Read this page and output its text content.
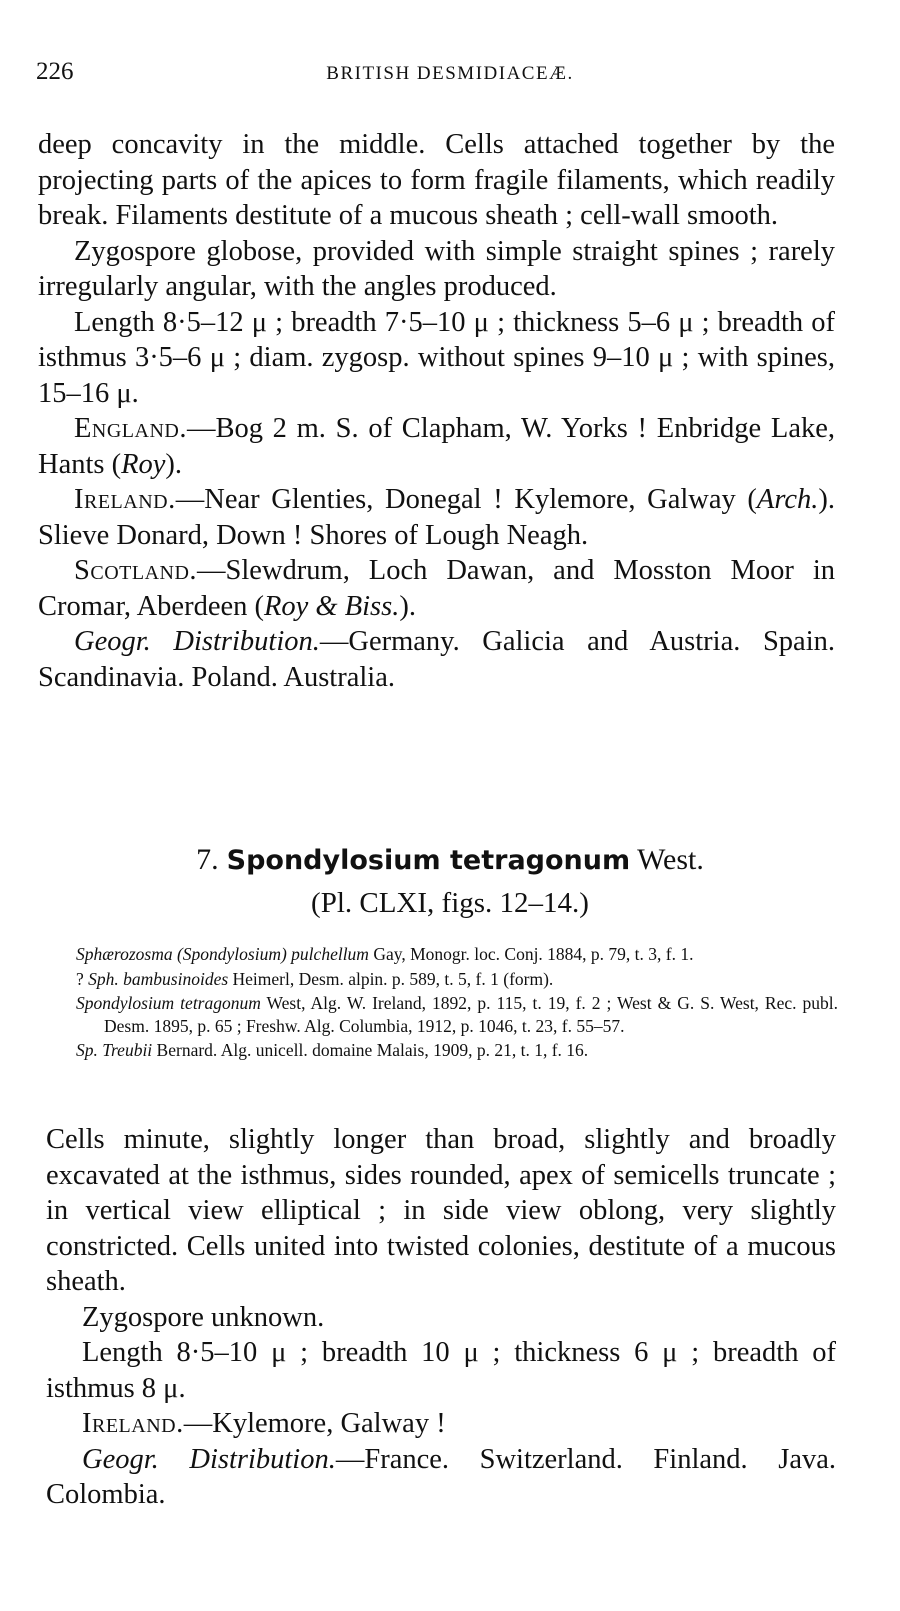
226	BRITISH DESMIDIACEÆ.

deep concavity in the middle. Cells attached together by the projecting parts of the apices to form fragile filaments, which readily break. Filaments destitute of a mucous sheath ; cell-wall smooth.

Zygospore globose, provided with simple straight spines ; rarely irregularly angular, with the angles produced.

Length 8·5–12 μ ; breadth 7·5–10 μ ; thickness 5–6 μ ; breadth of isthmus 3·5–6 μ ; diam. zygosp. without spines 9–10 μ ; with spines, 15–16 μ.

England.—Bog 2 m. S. of Clapham, W. Yorks ! Enbridge Lake, Hants (Roy).

Ireland.—Near Glenties, Donegal ! Kylemore, Galway (Arch.). Slieve Donard, Down ! Shores of Lough Neagh.

Scotland.—Slewdrum, Loch Dawan, and Mosston Moor in Cromar, Aberdeen (Roy & Biss.).

Geogr. Distribution.—Germany. Galicia and Austria. Spain. Scandinavia. Poland. Australia.

7. Spondylosium tetragonum West.
(Pl. CLXI, figs. 12–14.)

Sphærozosma (Spondylosium) pulchellum Gay, Monogr. loc. Conj. 1884, p. 79, t. 3, f. 1.

? Sph. bambusinoides Heimerl, Desm. alpin. p. 589, t. 5, f. 1 (form).

Spondylosium tetragonum West, Alg. W. Ireland, 1892, p. 115, t. 19, f. 2 ; West & G. S. West, Rec. publ. Desm. 1895, p. 65 ; Freshw. Alg. Columbia, 1912, p. 1046, t. 23, f. 55–57.

Sp. Treubii Bernard. Alg. unicell. domaine Malais, 1909, p. 21, t. 1, f. 16.

Cells minute, slightly longer than broad, slightly and broadly excavated at the isthmus, sides rounded, apex of semicells truncate ; in vertical view elliptical ; in side view oblong, very slightly constricted. Cells united into twisted colonies, destitute of a mucous sheath.

Zygospore unknown.

Length 8·5–10 μ ; breadth 10 μ ; thickness 6 μ ; breadth of isthmus 8 μ.

Ireland.—Kylemore, Galway !

Geogr. Distribution.—France. Switzerland. Finland. Java. Colombia.
